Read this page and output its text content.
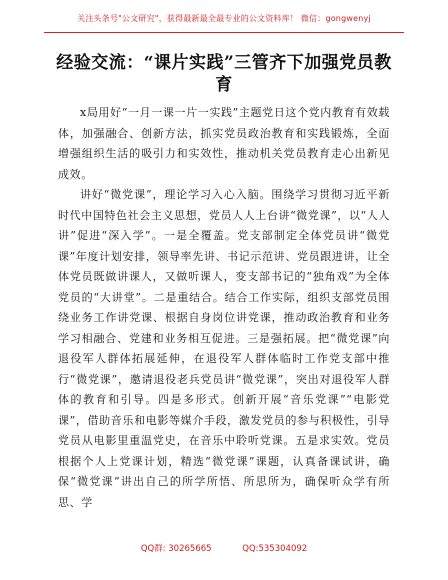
关注头条号"公文研究"，获得最新最全最专业的公文资料库！ 微信：gongwenyj
经验交流：“课片实践”三管齐下加强党员教育

x局用好“一月一课一片一实践”主题党日这个党内教育有效载体，加强融合、创新方法，抓实党员政治教育和实践锻炼，全面增强组织生活的吸引力和实效性，推动机关党员教育走心出新见成效。

讲好“微党课”，理论学习入心入脑。围绕学习贯彻习近平新时代中国特色社会主义思想，党员人人上台讲“微党课”，以“人人讲”促进“深入学”。一是全覆盖。党支部制定全体党员讲“微党课”年度计划安排，领导率先讲、书记示范讲、党员跟进讲，让全体党员既做讲课人，又做听课人，变支部书记的“独角戏”为全体党员的“大讲堂”。二是重结合。结合工作实际，组织支部党员围绕业务工作讲党课、根据自身岗位讲党课，推动政治教育和业务学习相融合、党建和业务相互促进。三是强拓展。把“微党课”向退役军人群体拓展延伸，在退役军人群体临时工作党支部中推行“微党课”，邀请退役老兵党员讲“微党课”，突出对退役军人群体的教育和引导。四是多形式。创新开展“音乐党课”“电影党课”，借助音乐和电影等媒介手段，激发党员的参与积极性，引导党员从电影里重温党史，在音乐中聆听党课。五是求实效。党员根据个人上党课计划，精选“微党课”课题，认真备课试讲，确保“微党课”讲出自己的所学所悟、所思所为，确保听众学有所思、学

QQ群: 30265665	QQ:535304092
